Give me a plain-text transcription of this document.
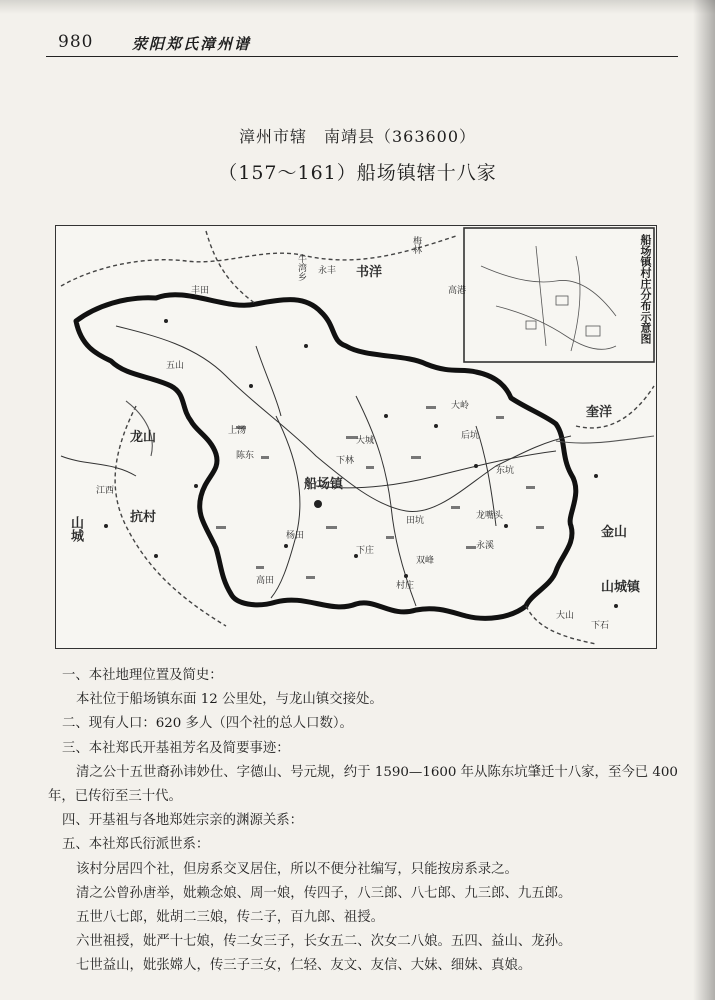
980	荥阳郑氏漳州谱
漳州市辖　南靖县（363600）
（157～161）船场镇辖十八家
船场镇村庄分布示意图
船场镇
永丰
高港
牛湾乡
五山
上汤
大城
下林
书洋
梅林
后坑
龙山
下庄
杨田
龙嘴头
高田
田坑
抗村
山城
丰田
金山
双峰
村庄
大岭
陈东
奎洋
东坑
永溪
下石
大山
山城镇
江西

一、本社地理位置及简史：

本社位于船场镇东面 12 公里处，与龙山镇交接处。

二、现有人口：620 多人（四个社的总人口数）。

三、本社郑氏开基祖芳名及简要事迹：

清之公十五世裔孙讳妙仕、字德山、号元规，约于 1590—1600 年从陈东坑肇迁十八家，至今已 400

年，已传衍至三十代。

四、开基祖与各地郑姓宗亲的渊源关系：

五、本社郑氏衍派世系：

该村分居四个社，但房系交叉居住，所以不便分社编写，只能按房系录之。

清之公曾孙唐举，妣赖念娘、周一娘，传四子，八三郎、八七郎、九三郎、九五郎。

五世八七郎，妣胡二三娘，传二子，百九郎、祖授。

六世祖授，妣严十七娘，传二女三子，长女五二、次女二八娘。五四、益山、龙孙。

七世益山，妣张嫦人，传三子三女，仁轻、友文、友信、大妹、细妹、真娘。
